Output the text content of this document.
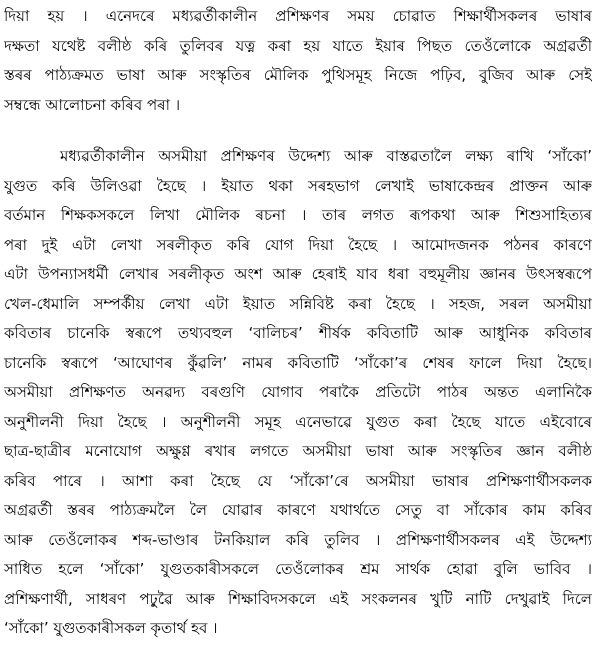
দিয়া হয় । এনেদৰে মধ্যৱৰ্তীকালীন প্ৰশিক্ষণৰ সময় চোৱাত শিক্ষাৰ্থীসকলৰ ভাষাৰ
দক্ষতা যথেষ্ট বলীষ্ঠ কৰি তুলিবৰ যত্ন কৰা হয় যাতে ইয়াৰ পিছত তেওঁলোকে অগ্ৰৱৰ্তী
স্তৰৰ পাঠ্যক্ৰমত ভাষা আৰু সংস্কৃতিৰ মৌলিক পুথিসমূহ নিজে পঢ়িব, বুজিব আৰু সেই
সম্বন্ধে আলোচনা কৰিব পৰা ।
মধ্যৱৰ্তীকালীন অসমীয়া প্ৰশিক্ষণৰ উদ্দেশ্য আৰু বাস্তৱতালৈ লক্ষ্য ৰাখি ‘সাঁকো’
যুগুত কৰি উলিওৱা হৈছে । ইয়াত থকা সৰহভাগ লেখাই ভাষাকেন্দ্ৰৰ প্ৰাক্তন আৰু
বৰ্তমান শিক্ষকসকলে লিখা মৌলিক ৰচনা । তাৰ লগত ৰূপকথা আৰু শিশুসাহিত্যৰ
পৰা দুই এটা লেখা সৰলীকৃত কৰি যোগ দিয়া হৈছে । আমোদজনক পঠনৰ কাৰণে
এটা উপন্যাসধৰ্মী লেখাৰ সৰলীকৃত অংশ আৰু হেৰাই যাব ধৰা বহুমূলীয় জ্ঞানৰ উৎসস্বৰূপে
খেল-ধেমালি সম্পৰ্কীয় লেখা এটা ইয়াত সন্নিবিষ্ট কৰা হৈছে । সহজ, সৰল অসমীয়া
কবিতাৰ চানেকি স্বৰূপে তথ্যবহুল ‘বালিচৰ’ শীৰ্ষক কবিতাটি আৰু আধুনিক কবিতাৰ
চানেকি স্বৰূপে ‘আঘোণৰ কুঁৱলি’ নামৰ কবিতাটি ‘সাঁকো’ৰ শেষৰ ফালে দিয়া হৈছে।
অসমীয়া প্ৰশিক্ষণত অনৱদ্য বৰগুণি যোগাব পৰাকৈ প্ৰতিটো পাঠৰ অন্তত এলানিকৈ
অনুশীলনী দিয়া হৈছে । অনুশীলনী সমূহ এনেভাৱে যুগুত কৰা হৈছে যাতে এইবোৰে
ছাত্ৰ-ছাত্ৰীৰ মনোযোগ অক্ষুণ্ণ ৰখাৰ লগতে অসমীয়া ভাষা আৰু সংস্কৃতিৰ জ্ঞান বলীষ্ঠ
কৰিব পাৰে । আশা কৰা হৈছে যে ‘সাঁকো’ৰে অসমীয়া ভাষাৰ প্ৰশিক্ষণাৰ্থীসকলক
অগ্ৰৱৰ্তী স্তৰৰ পাঠ্যক্ৰমলৈ লৈ যোৱাৰ কাৰণে যথাৰ্থতে সেতু বা সাঁকোৰ কাম কৰিব
আৰু তেওঁলোকৰ শব্দ-ভাণ্ডাৰ টনকিয়াল কৰি তুলিব । প্ৰশিক্ষণাৰ্থীসকলৰ এই উদ্দেশ্য
সাধিত হলে ‘সাঁকো’ যুগুতকাৰীসকলে তেওঁলোকৰ শ্ৰম সাৰ্থক হোৱা বুলি ভাবিব ।
প্ৰশিক্ষণাৰ্থী, সাধৰণ পঢ়ুৱৈ আৰু শিক্ষাবিদসকলে এই সংকলনৰ খুটি নাটি দেখুৱাই দিলে
‘সাঁকো’ যুগুতকাৰীসকল কৃতাৰ্থ হব ।
